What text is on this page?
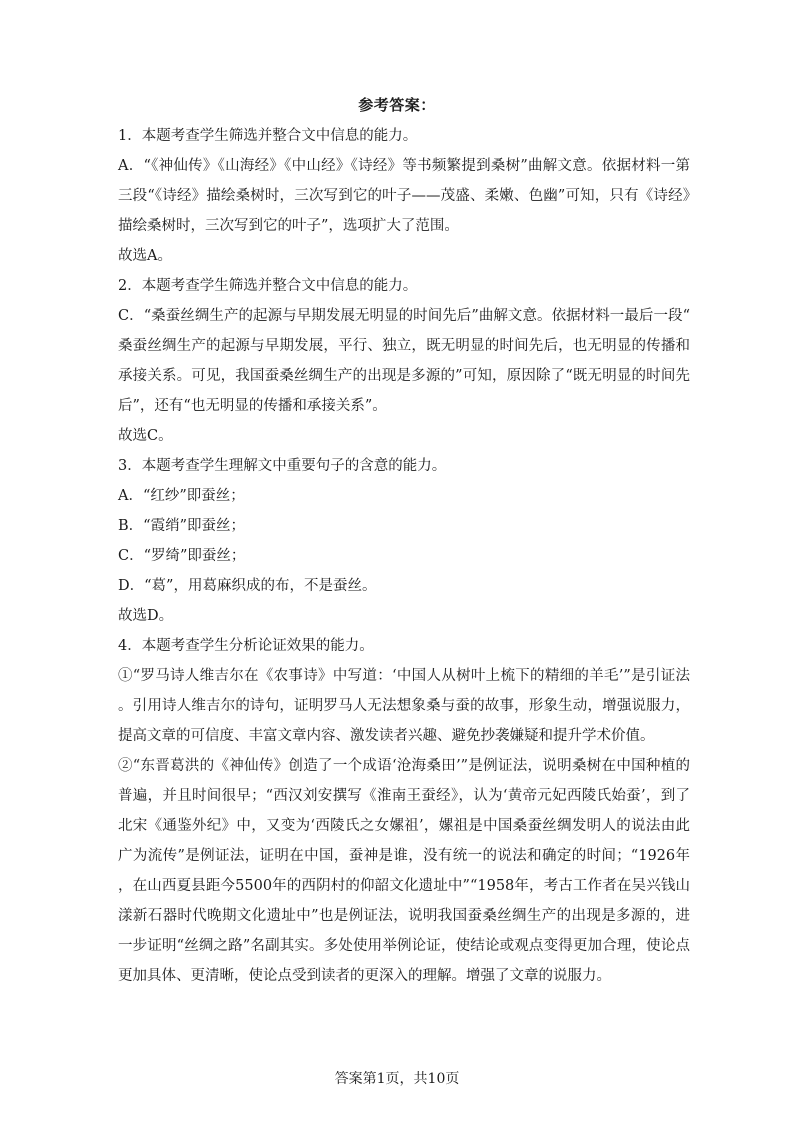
参考答案：

1．本题考查学生筛选并整合文中信息的能力。

A．“《神仙传》《山海经》《中山经》《诗经》等书频繁提到桑树”曲解文意。依据材料一第三段“《诗经》描绘桑树时，三次写到它的叶子——茂盛、柔嫩、色幽”可知，只有《诗经》描绘桑树时，三次写到它的叶子”，选项扩大了范围。

故选A。

2．本题考查学生筛选并整合文中信息的能力。

C．“桑蚕丝绸生产的起源与早期发展无明显的时间先后”曲解文意。依据材料一最后一段“桑蚕丝绸生产的起源与早期发展，平行、独立，既无明显的时间先后，也无明显的传播和承接关系。可见，我国蚕桑丝绸生产的出现是多源的”可知，原因除了“既无明显的时间先后”，还有“也无明显的传播和承接关系”。

故选C。

3．本题考查学生理解文中重要句子的含意的能力。

A．“红纱”即蚕丝；

B．“霞绡”即蚕丝；

C．“罗绮”即蚕丝；

D．“葛”，用葛麻织成的布，不是蚕丝。

故选D。

4．本题考查学生分析论证效果的能力。

①“罗马诗人维吉尔在《农事诗》中写道：‘中国人从树叶上梳下的精细的羊毛’”是引证法。引用诗人维吉尔的诗句，证明罗马人无法想象桑与蚕的故事，形象生动，增强说服力，提高文章的可信度、丰富文章内容、激发读者兴趣、避免抄袭嫌疑和提升学术价值。

②“东晋葛洪的《神仙传》创造了一个成语‘沧海桑田’”是例证法，说明桑树在中国种植的普遍，并且时间很早；“西汉刘安撰写《淮南王蚕经》，认为‘黄帝元妃西陵氏始蚕’，到了北宋《通鉴外纪》中，又变为‘西陵氏之女嫘祖’，嫘祖是中国桑蚕丝绸发明人的说法由此广为流传”是例证法，证明在中国，蚕神是谁，没有统一的说法和确定的时间；“1926年，在山西夏县距今5500年的西阴村的仰韶文化遗址中”“1958年，考古工作者在吴兴钱山漾新石器时代晚期文化遗址中”也是例证法，说明我国蚕桑丝绸生产的出现是多源的，进一步证明“丝绸之路”名副其实。多处使用举例论证，使结论或观点变得更加合理，使论点更加具体、更清晰，使论点受到读者的更深入的理解。增强了文章的说服力。

答案第1页，共10页
